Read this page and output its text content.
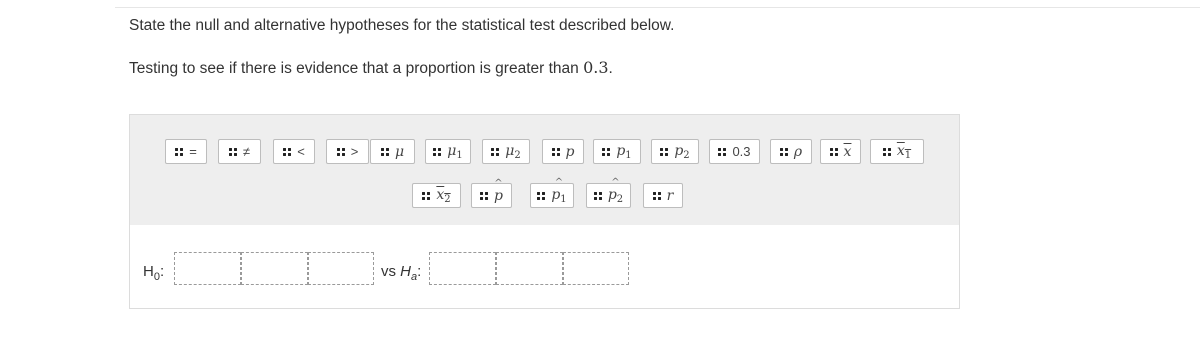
State the null and alternative hypotheses for the statistical test described below.
Testing to see if there is evidence that a proportion is greater than 0.3.
=	≠	<	>	μ	$\mu_1$	$\mu_2$	p	$p_1$	$p_2$	0.3	ρ	$\overline{x}$	$x_1$
$x_2$	p
^
p
^
$_1$	p
^
$_2$	r
$H_0$:	vs $H_a$:
